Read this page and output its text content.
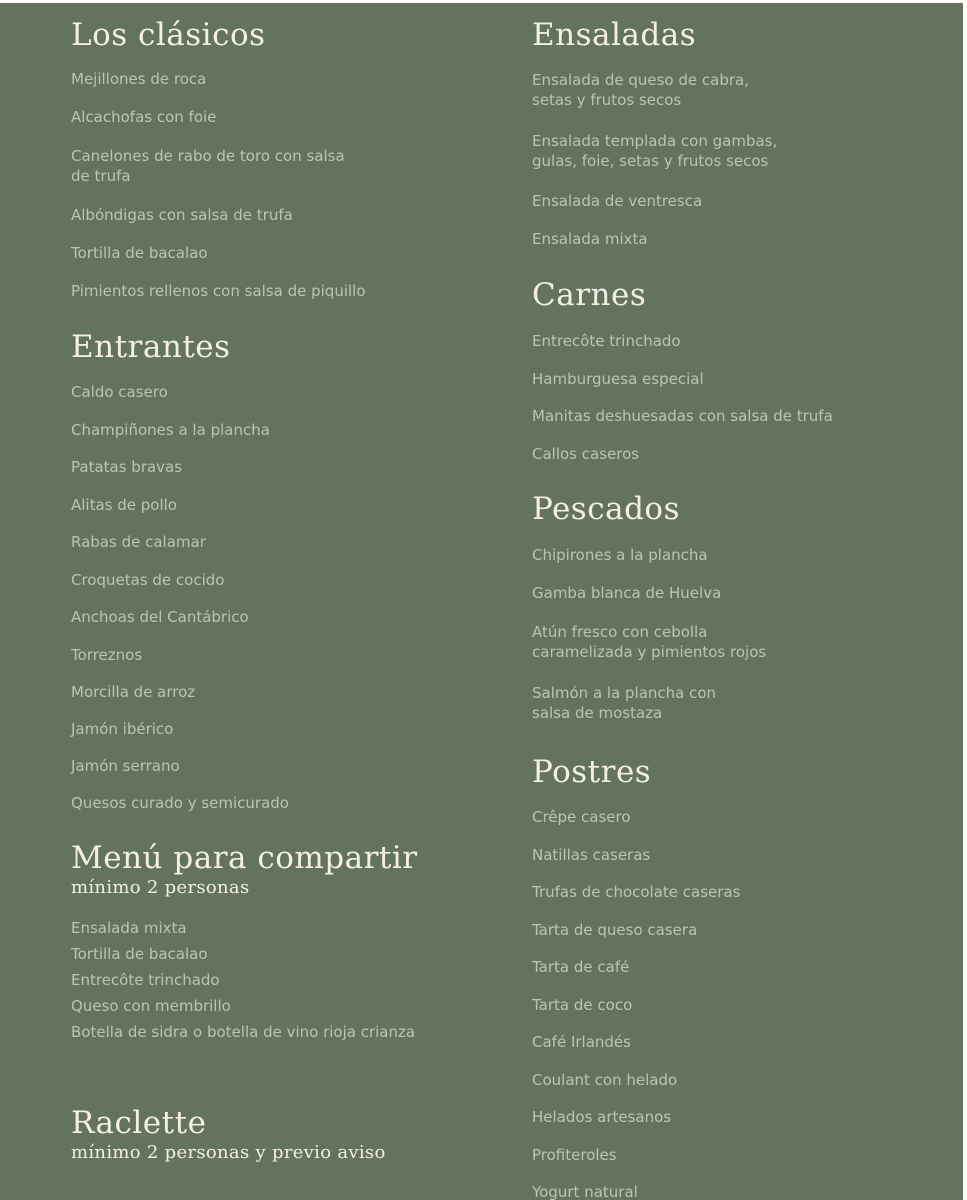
Los clásicos
Mejillones de roca
Alcachofas con foie
Canelones de rabo de toro con salsa
de trufa
Albóndigas con salsa de trufa
Tortilla de bacalao
Pimientos rellenos con salsa de piquillo
Entrantes
Caldo casero
Champiñones a la plancha
Patatas bravas
Alitas de pollo
Rabas de calamar
Croquetas de cocido
Anchoas del Cantábrico
Torreznos
Morcilla de arroz
Jamón ibérico
Jamón serrano
Quesos curado y semicurado
Menú para compartir
mínimo 2 personas
Ensalada mixta
Tortilla de bacalao
Entrecôte trinchado
Queso con membrillo
Botella de sidra o botella de vino rioja crianza
Raclette
mínimo 2 personas y previo aviso
Ensaladas
Ensalada de queso de cabra,
setas y frutos secos
Ensalada templada con gambas,
gulas, foie, setas y frutos secos
Ensalada de ventresca
Ensalada mixta
Carnes
Entrecôte trinchado
Hamburguesa especial
Manitas deshuesadas con salsa de trufa
Callos caseros
Pescados
Chipirones a la plancha
Gamba blanca de Huelva
Atún fresco con cebolla
caramelizada y pimientos rojos
Salmón a la plancha con
salsa de mostaza
Postres
Crêpe casero
Natillas caseras
Trufas de chocolate caseras
Tarta de queso casera
Tarta de café
Tarta de coco
Café Irlandés
Coulant con helado
Helados artesanos
Profiteroles
Yogurt natural
